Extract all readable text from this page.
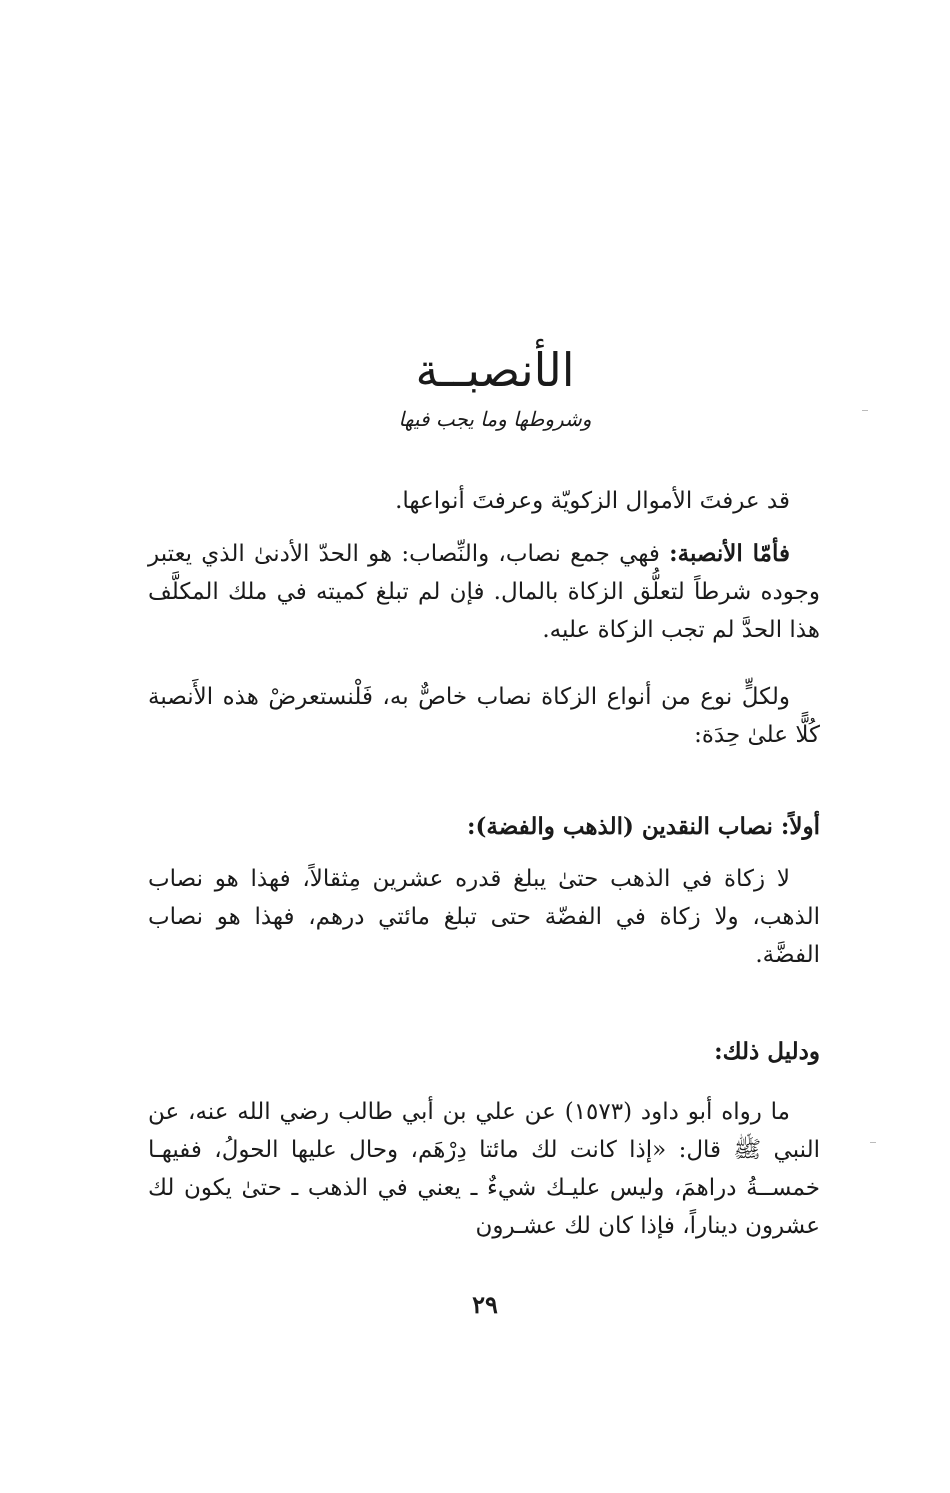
الأنصبــة
وشروطها وما يجب فيها

قد عرفتَ الأموال الزكويّة وعرفتَ أنواعها.

فأمّا الأنصبة: فهي جمع نصاب، والنِّصاب: هو الحدّ الأدنىٰ الذي يعتبر وجوده شرطاً لتعلُّق الزكاة بالمال. فإن لم تبلغ كميته في ملك المكلَّف هذا الحدَّ لم تجب الزكاة عليه.

ولكلٍّ نوع من أنواع الزكاة نصاب خاصٌّ به، فَلْنستعرضْ هذه الأَنصبة كُلًّا علىٰ حِدَة:

أولاً: نصاب النقدين (الذهب والفضة):

لا زكاة في الذهب حتىٰ يبلغ قدره عشرين مِثقالاً، فهذا هو نصاب الذهب، ولا زكاة في الفضّة حتى تبلغ مائتي درهم، فهذا هو نصاب الفضَّة.

ودليل ذلك:

ما رواه أبو داود (١٥٧٣) عن علي بن أبي طالب رضي الله عنه، عن النبي ﷺ قال: «إذا كانت لك مائتا دِرْهَم، وحال عليها الحولُ، ففيهـا خمســةُ دراهمَ، وليس عليـك شيءٌ ـ يعني في الذهب ـ حتىٰ يكون لك عشرون ديناراً، فإذا كان لك عشـرون

٢٩
